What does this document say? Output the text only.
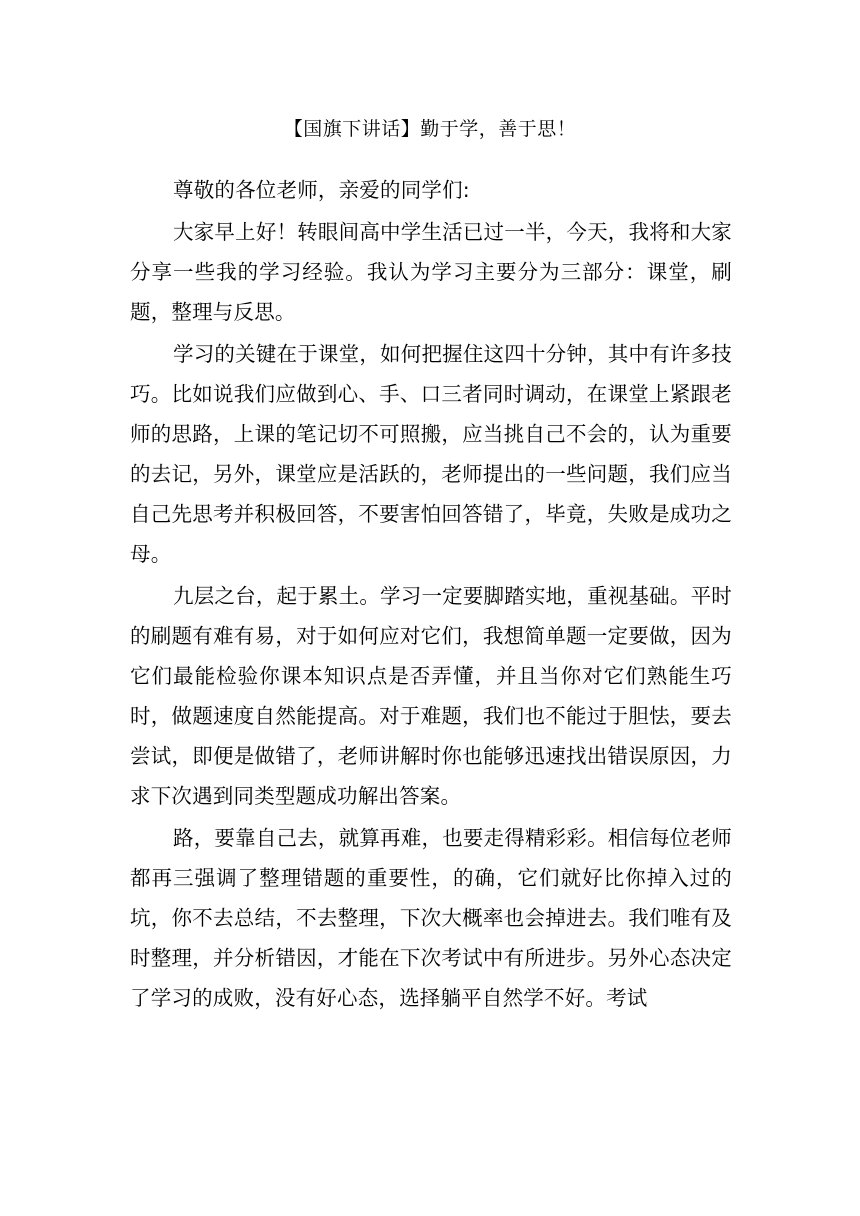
【国旗下讲话】勤于学，善于思！

尊敬的各位老师，亲爱的同学们:

大家早上好！转眼间高中学生活已过一半，今天，我将和大家分享一些我的学习经验。我认为学习主要分为三部分：课堂，刷题，整理与反思。

学习的关键在于课堂，如何把握住这四十分钟，其中有许多技巧。比如说我们应做到心、手、口三者同时调动，在课堂上紧跟老师的思路，上课的笔记切不可照搬，应当挑自己不会的，认为重要的去记，另外，课堂应是活跃的，老师提出的一些问题，我们应当自己先思考并积极回答，不要害怕回答错了，毕竟，失败是成功之母。

九层之台，起于累土。学习一定要脚踏实地，重视基础。平时的刷题有难有易，对于如何应对它们，我想简单题一定要做，因为它们最能检验你课本知识点是否弄懂，并且当你对它们熟能生巧时，做题速度自然能提高。对于难题，我们也不能过于胆怯，要去尝试，即便是做错了，老师讲解时你也能够迅速找出错误原因，力求下次遇到同类型题成功解出答案。

路，要靠自己去，就算再难，也要走得精彩彩。相信每位老师都再三强调了整理错题的重要性，的确，它们就好比你掉入过的坑，你不去总结，不去整理，下次大概率也会掉进去。我们唯有及时整理，并分析错因，才能在下次考试中有所进步。另外心态决定了学习的成败，没有好心态，选择躺平自然学不好。考试
